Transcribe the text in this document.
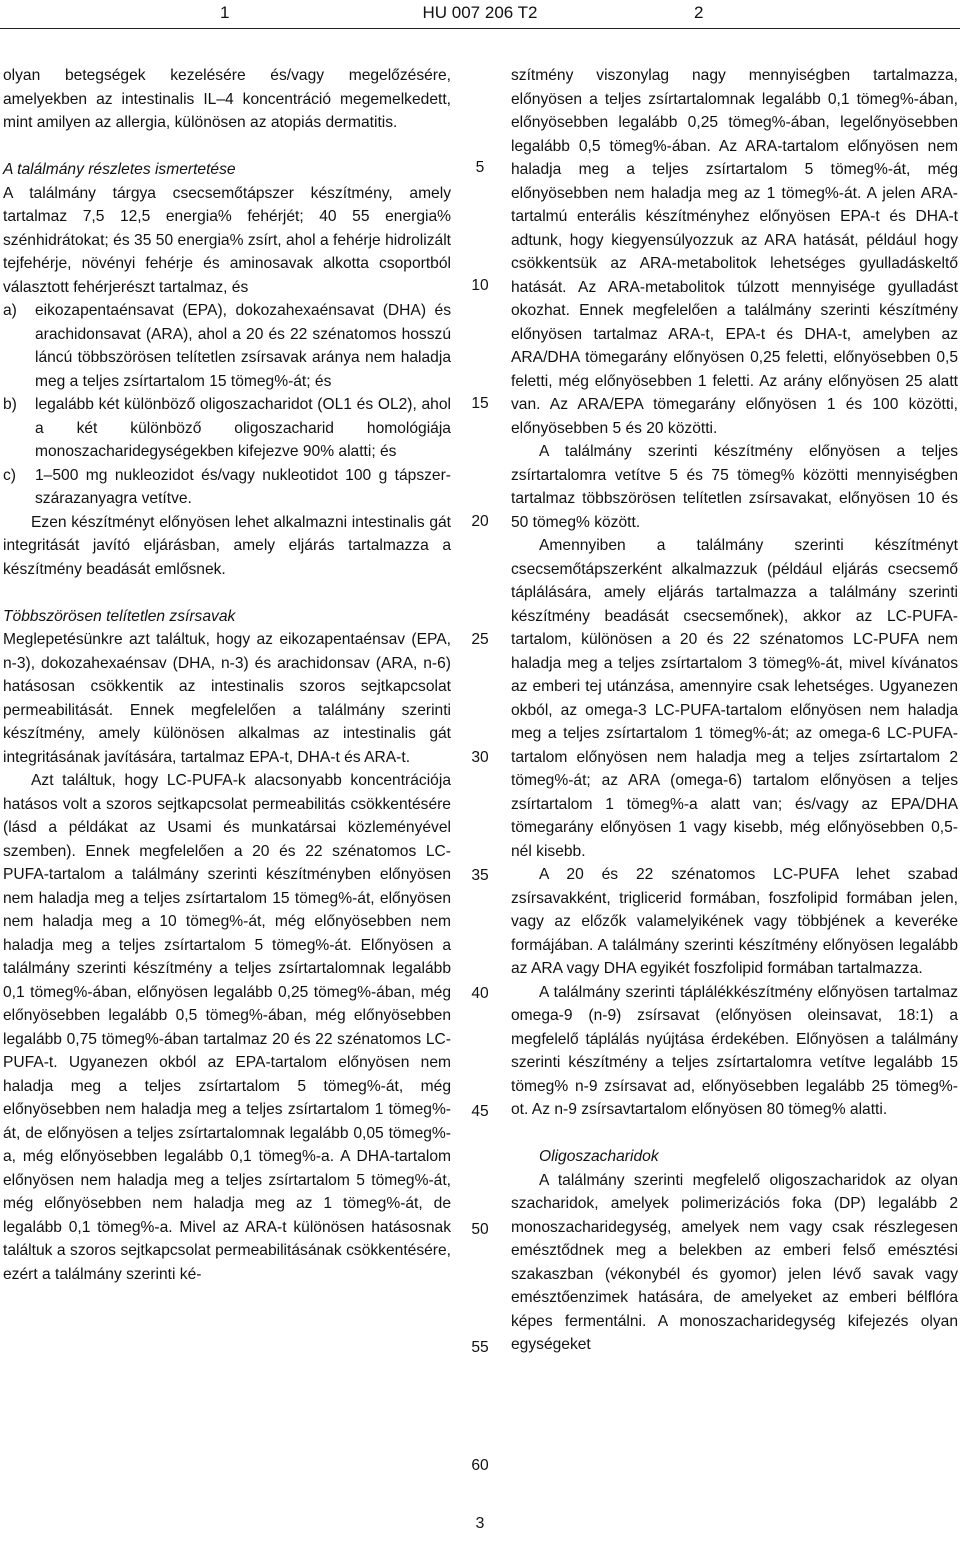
1	HU 007 206 T2	2

olyan betegségek kezelésére és/vagy megelőzésére, amelyekben az intestinalis IL–4 koncentráció megemelkedett, mint amilyen az allergia, különösen az atopiás dermatitis.

A találmány részletes ismertetése

A találmány tárgya csecsemőtápszer készítmény, amely tartalmaz 7,5 12,5 energia% fehérjét; 40 55 energia% szénhidrátokat; és 35 50 energia% zsírt, ahol a fehérje hidrolizált tejfehérje, növényi fehérje és aminosavak alkotta csoportból választott fehérjerészt tartalmaz, és

a)	eikozapentaénsavat (EPA), dokozahexaénsavat (DHA) és arachidonsavat (ARA), ahol a 20 és 22 szénatomos hosszú láncú többszörösen telítetlen zsírsavak aránya nem haladja meg a teljes zsírtartalom 15 tömeg%-át; és
b)	legalább két különböző oligoszacharidot (OL1 és OL2), ahol a két különböző oligoszacharid homológiája monoszacharidegységekben kifejezve 90% alatti; és
c)	1–500 mg nukleozidot és/vagy nukleotidot 100 g tápszer-szárazanyagra vetítve.

Ezen készítményt előnyösen lehet alkalmazni intestinalis gát integritását javító eljárásban, amely eljárás tartalmazza a készítmény beadását emlősnek.

Többszörösen telítetlen zsírsavak

Meglepetésünkre azt találtuk, hogy az eikozapentaénsav (EPA, n-3), dokozahexaénsav (DHA, n-3) és arachidonsav (ARA, n-6) hatásosan csökkentik az intestinalis szoros sejtkapcsolat permeabilitását. Ennek megfelelően a találmány szerinti készítmény, amely különösen alkalmas az intestinalis gát integritásának javítására, tartalmaz EPA-t, DHA-t és ARA-t.

Azt találtuk, hogy LC-PUFA-k alacsonyabb koncentrációja hatásos volt a szoros sejtkapcsolat permeabilitás csökkentésére (lásd a példákat az Usami és munkatársai közleményével szemben). Ennek megfelelően a 20 és 22 szénatomos LC-PUFA-tartalom a találmány szerinti készítményben előnyösen nem haladja meg a teljes zsírtartalom 15 tömeg%-át, előnyösen nem haladja meg a 10 tömeg%-át, még előnyösebben nem haladja meg a teljes zsírtartalom 5 tömeg%-át. Előnyösen a találmány szerinti készítmény a teljes zsírtartalomnak legalább 0,1 tömeg%-ában, előnyösen legalább 0,25 tömeg%-ában, még előnyösebben legalább 0,5 tömeg%-ában, még előnyösebben legalább 0,75 tömeg%-ában tartalmaz 20 és 22 szénatomos LC-PUFA-t. Ugyanezen okból az EPA-tartalom előnyösen nem haladja meg a teljes zsírtartalom 5 tömeg%-át, még előnyösebben nem haladja meg a teljes zsírtartalom 1 tömeg%-át, de előnyösen a teljes zsírtartalomnak legalább 0,05 tömeg%-a, még előnyösebben legalább 0,1 tömeg%-a. A DHA-tartalom előnyösen nem haladja meg a teljes zsírtartalom 5 tömeg%-át, még előnyösebben nem haladja meg az 1 tömeg%-át, de legalább 0,1 tömeg%-a. Mivel az ARA-t különösen hatásosnak találtuk a szoros sejtkapcsolat permeabilitásának csökkentésére, ezért a találmány szerinti ké-

szítmény viszonylag nagy mennyiségben tartalmazza, előnyösen a teljes zsírtartalomnak legalább 0,1 tömeg%-ában, előnyösebben legalább 0,25 tömeg%-ában, legelőnyösebben legalább 0,5 tömeg%-ában. Az ARA-tartalom előnyösen nem haladja meg a teljes zsírtartalom 5 tömeg%-át, még előnyösebben nem haladja meg az 1 tömeg%-át. A jelen ARA-tartalmú enterális készítményhez előnyösen EPA-t és DHA-t adtunk, hogy kiegyensúlyozzuk az ARA hatását, például hogy csökkentsük az ARA-metabolitok lehetséges gyulladáskeltő hatását. Az ARA-metabolitok túlzott mennyisége gyulladást okozhat. Ennek megfelelően a találmány szerinti készítmény előnyösen tartalmaz ARA-t, EPA-t és DHA-t, amelyben az ARA/DHA tömegarány előnyösen 0,25 feletti, előnyösebben 0,5 feletti, még előnyösebben 1 feletti. Az arány előnyösen 25 alatt van. Az ARA/EPA tömegarány előnyösen 1 és 100 közötti, előnyösebben 5 és 20 közötti.

A találmány szerinti készítmény előnyösen a teljes zsírtartalomra vetítve 5 és 75 tömeg% közötti mennyiségben tartalmaz többszörösen telítetlen zsírsavakat, előnyösen 10 és 50 tömeg% között.

Amennyiben a találmány szerinti készítményt csecsemőtápszerként alkalmazzuk (például eljárás csecsemő táplálására, amely eljárás tartalmazza a találmány szerinti készítmény beadását csecsemőnek), akkor az LC-PUFA-tartalom, különösen a 20 és 22 szénatomos LC-PUFA nem haladja meg a teljes zsírtartalom 3 tömeg%-át, mivel kívánatos az emberi tej utánzása, amennyire csak lehetséges. Ugyanezen okból, az omega-3 LC-PUFA-tartalom előnyösen nem haladja meg a teljes zsírtartalom 1 tömeg%-át; az omega-6 LC-PUFA-tartalom előnyösen nem haladja meg a teljes zsírtartalom 2 tömeg%-át; az ARA (omega-6) tartalom előnyösen a teljes zsírtartalom 1 tömeg%-a alatt van; és/vagy az EPA/DHA tömegarány előnyösen 1 vagy kisebb, még előnyösebben 0,5-nél kisebb.

A 20 és 22 szénatomos LC-PUFA lehet szabad zsírsavakként, triglicerid formában, foszfolipid formában jelen, vagy az előzők valamelyikének vagy többjének a keveréke formájában. A találmány szerinti készítmény előnyösen legalább az ARA vagy DHA egyikét foszfolipid formában tartalmazza.

A találmány szerinti táplálékkészítmény előnyösen tartalmaz omega-9 (n-9) zsírsavat (előnyösen oleinsavat, 18:1) a megfelelő táplálás nyújtása érdekében. Előnyösen a találmány szerinti készítmény a teljes zsírtartalomra vetítve legalább 15 tömeg% n-9 zsírsavat ad, előnyösebben legalább 25 tömeg%-ot. Az n-9 zsírsavtartalom előnyösen 80 tömeg% alatti.

Oligoszacharidok

A találmány szerinti megfelelő oligoszacharidok az olyan szacharidok, amelyek polimerizációs foka (DP) legalább 2 monoszacharidegység, amelyek nem vagy csak részlegesen emésztődnek meg a belekben az emberi felső emésztési szakaszban (vékonybél és gyomor) jelen lévő savak vagy emésztőenzimek hatására, de amelyeket az emberi bélflóra képes fermentálni. A monoszacharidegység kifejezés olyan egységeket

5
10
15
20
25
30
35
40
45
50
55
60
3
